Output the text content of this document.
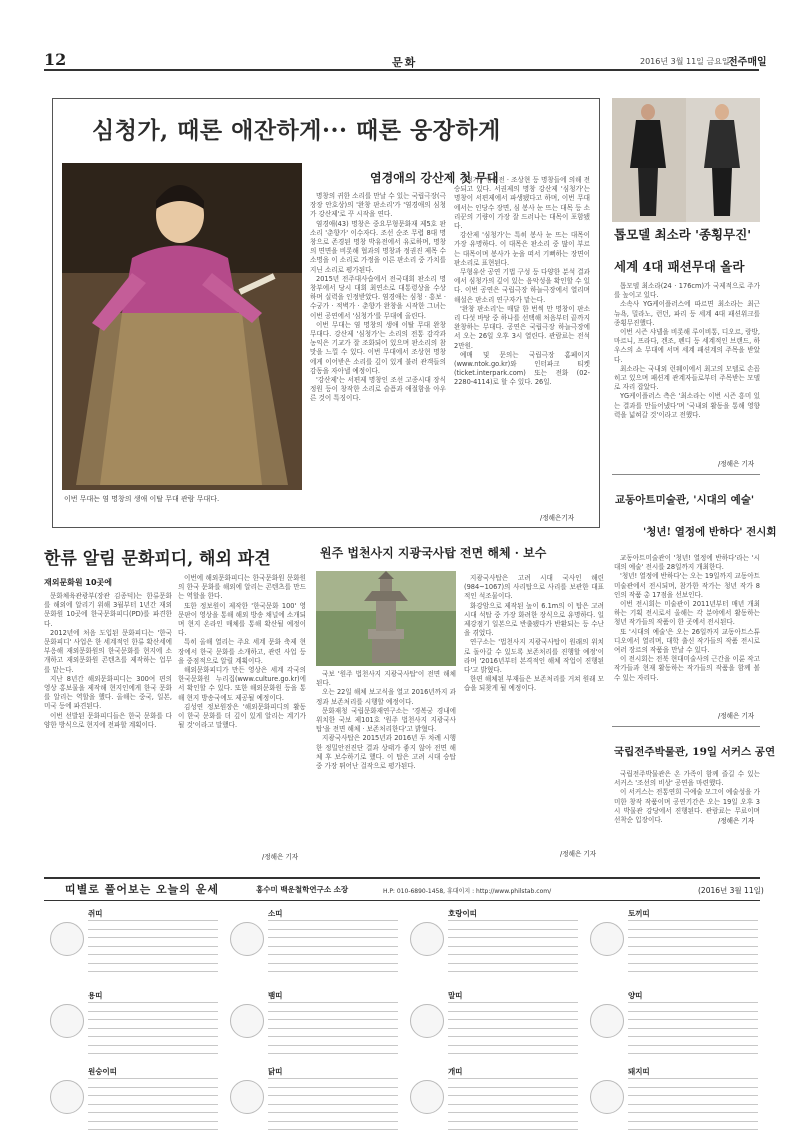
12	문화	2016년 3월 11일 금요일
전주매일
심청가, 때론 애잔하게··· 때론 웅장하게
이번 무대는 염 명창의 생애 이탈 무대 관람 무대다.
염경애의 강산제 첫 무대

명창의 귀한 소리를 만날 수 있는 국립극장(극장장 안호상)의 '완창 판소리'가 '염경애의 심청가 강산제'로 꾸 시작을 연다.

염경애(43) 명창은 중요무형문화재 제5호 판소리 '춘향가' 이수자다. 조선 순조 무렵 8대 명창으로 존경된 명창 박유전에서 유로하며, 명창의 면면을 비롯해 협과의 명창과 정권진 제목 수 소명을 이 소리로 가정을 이른 판소리 중 가치를 지닌 소리로 평가된다.

2015년 전주대사습에서 전국대회 판소리 명창부에서 당시 대회 최연소로 대통령상을 수상하며 실력을 인정받았다. 염경애는 심청 · 흥보 · 수궁가 · 적벽가 · 춘향가 완창을 시작한 그녀는 이번 공연에서 '심청가'를 무대에 올린다.

이번 무대는 염 명창의 생애 이탈 무대 완창 무대다. 강산제 '심청가'는 소리의 전통 감각과 농익은 기교가 잘 조화되어 있으며 판소리의 참맛을 느낄 수 있다. 이번 무대에서 조상현 명창에게 이어받은 소리를 깊이 있게 불러 관객들의 감동을 자아낼 예정이다.

'강산제'는 서편제 명창인 조선 고종시대 장식 정원 등이 창작한 소리로 슬픔과 애절함을 아우른 것이 특징이다.

심청가 · 심청전 · 조상현 등 명창들에 의해 전승되고 있다. 서권제의 명창 강산제 '심청가'는 명창이 서편제에서 파생됐다고 하며, 이번 무대에서는 인당수 장면, 심 봉사 눈 뜨는 대목 등 소리꾼의 기량이 가장 잘 드러나는 대목이 포함됐다.

강산제 '심청가'는 특히 봉사 눈 뜨는 대목이 가장 유명하다. 이 대목은 판소리 중 많이 부르는 대목이며 봉사가 눈을 떠서 기뻐하는 장면이 판소리로 표현된다.

무형유산 공연 기법 구성 등 다양한 분석 결과에서 심청가의 깊이 있는 음악성을 확인할 수 있다. 이번 공연은 국립극장 하늘극장에서 열리며 해설은 판소리 연구자가 맡는다.

'완창 판소리'는 매달 한 번씩 만 명창이 판소리 다섯 바탕 중 하나를 선택해 처음부터 끝까지 완창하는 무대다. 공연은 국립극장 하늘극장에서 오는 26일 오후 3시 열린다. 관람료는 전석 2만원.

예매 및 문의는 국립극장 홈페이지 (www.ntok.go.kr)와 인터파크 티켓(ticket.interpark.com) 또는 전화 (02-2280-4114)로 할 수 있다. 26일.

/정해은기자
톱모델 최소라 '종횡무진'
세계 4대 패션무대 올라

톱모델 최소라(24 · 176cm)가 국제적으로 주가를 높이고 있다.

소속사 YG케이플러스에 따르면 최소라는 최근 뉴욕, 밀라노, 런던, 파리 등 세계 4대 패션위크를 종횡무진했다.

이번 시즌 샤넬을 비롯해 루이비통, 디오르, 랑방, 마르니, 프라다, 겐조, 펜디 등 세계적인 브랜드, 하우스의 쇼 무대에 서며 세계 패션계의 주목을 받았다.

최소라는 국내외 런웨이에서 최고의 모델로 손꼽히고 있으며 패션계 관계자들로부터 주목받는 모델로 자리 잡았다.

YG케이플러스 측은 '최소라는 이번 시즌 흥미 있는 결과를 만들어냈다'며 '국내외 활동을 통해 영향력을 넓혀갈 것'이라고 전했다.

/정해은 기자
교동아트미술관, '시대의 예술'
'청년! 열정에 반하다' 전시회

교동아트미술관이 '청년! 열정에 반하다'라는 '시대의 예술' 전시를 28일까지 개최한다.

'청년! 열정에 반하다'는 오는 19일까지 교동아트미술관에서 전시되며, 참가한 작가는 청년 작가 8인의 작품 총 17점을 선보인다.

이번 전시회는 미술관이 2011년부터 매년 개최하는 기획 전시로서 올해는 각 분야에서 활동하는 청년 작가들의 작품이 한 곳에서 전시된다.

또 '시대의 예술'은 오는 26일까지 교동아트스튜디오에서 열리며, 대학 출신 작가들의 작품 전시로 여러 장르의 작품을 만날 수 있다.

이 전시회는 전북 현대미술사의 근간을 이룬 작고 작가들과 현재 활동하는 작가들의 작품을 함께 볼 수 있는 자리다.

/정해은 기자
국립전주박물관, 19일 서커스 공연

국립전주박물관은 온 가족이 함께 즐길 수 있는 서커스 '조선의 비상' 공연을 마련했다.

이 서커스는 전통연희 극예술 모그이 예술성을 가미한 창작 작품이며 공연기간은 오는 19일 오후 3시 박물관 강당에서 진행된다. 관람료는 무료이며 선착순 입장이다.	/정해은 기자
한류 알림 문화피디, 해외 파견
재외문화원 10곳에

문화체육관광부(장관 김종덕)는 한류문화를 해외에 알리기 위해 3월부터 1년간 재외문화원 10곳에 한국문화피디(PD)를 파견한다.

2012년에 처음 도입된 문화피디는 '한국문화피디' 사업은 한 세계적인 한류 확산세에 부응해 재외문화원의 한국문화를 현지에 소개하고 재외문화원 콘텐츠를 제작하는 업무를 맡는다.

지난 8년간 해외문화피디는 300여 편의 영상 홍보물을 제작해 현지인에게 한국 문화를 알리는 역할을 했다. 올해는 중국, 일본, 미국 등에 파견된다.

이번 선발된 문화피디들은 한국 문화를 다양한 방식으로 현지에 전파할 계획이다.

이번에 해외문화피디는 한국문화원 문화원의 한국 문화를 해외에 알리는 콘텐츠를 만드는 역할을 한다.

또한 정보원이 제작한 '한국문화 100' 영문판이 영상을 통해 해외 방송 채널에 소개되며 현지 온라인 매체를 통해 확산될 예정이다.

특히 올해 열리는 주요 세계 문화 축제 현장에서 한국 문화를 소개하고, 관련 사업 등을 중점적으로 알릴 계획이다.

해외문화피디가 만든 영상은 세계 각국의 한국문화원 누리집(www.culture.go.kr)에서 확인할 수 있다. 또한 해외문화원 등을 통해 현지 방송국에도 제공될 예정이다.

김성연 정보원장은 '해외문화피디의 활동이 한국 문화를 더 깊이 있게 알리는 계기가 될 것'이라고 말했다.

/정해은 기자
원주 법천사지 지광국사탑 전면 해체 · 보수

국보 '원주 법천사지 지광국사탑'이 전면 해체된다.

오는 22일 해체 보고식을 열고 2016년까지 과정과 보존처리를 시행할 예정이다.

문화재청 국립문화재연구소는 '경복궁 경내에 위치한 국보 제101호 '원주 법천사지 지광국사탑'을 전면 해체 · 보존처리한다'고 밝혔다.

지광국사탑은 2015년과 2016년 두 차례 시행한 정밀안전진단 결과 상태가 좋지 않아 전면 해체 후 보수하기로 했다. 이 탑은 고려 시대 승탑 중 가장 뛰어난 걸작으로 평가된다.

지광국사탑은 고려 시대 국사인 해린(984~1067)의 사리탑으로 사리를 보관한 대표적인 석조물이다.

화강암으로 제작된 높이 6.1m의 이 탑은 고려 시대 석탑 중 가장 화려한 장식으로 유명하다. 일제강점기 일본으로 반출됐다가 반환되는 등 수난을 겪었다.

연구소는 '법천사지 지광국사탑이 원래의 위치로 돌아갈 수 있도록 보존처리를 진행할 예정'이라며 '2016년부터 본격적인 해체 작업이 진행된다'고 밝혔다.

한편 해체된 부재들은 보존처리를 거쳐 원래 모습을 되찾게 될 예정이다.

/정해은 기자
띠별로 풀어보는 오늘의 운세	홍수미 백운철학연구소 소장	H.P: 010-6890-1458, 휴대이지 : http://www.philstab.com/	(2016년 3월 11일)
쥐띠	소띠	호랑이띠	토끼띠
용띠	뱀띠	말띠	양띠
원숭이띠	닭띠	개띠	돼지띠
